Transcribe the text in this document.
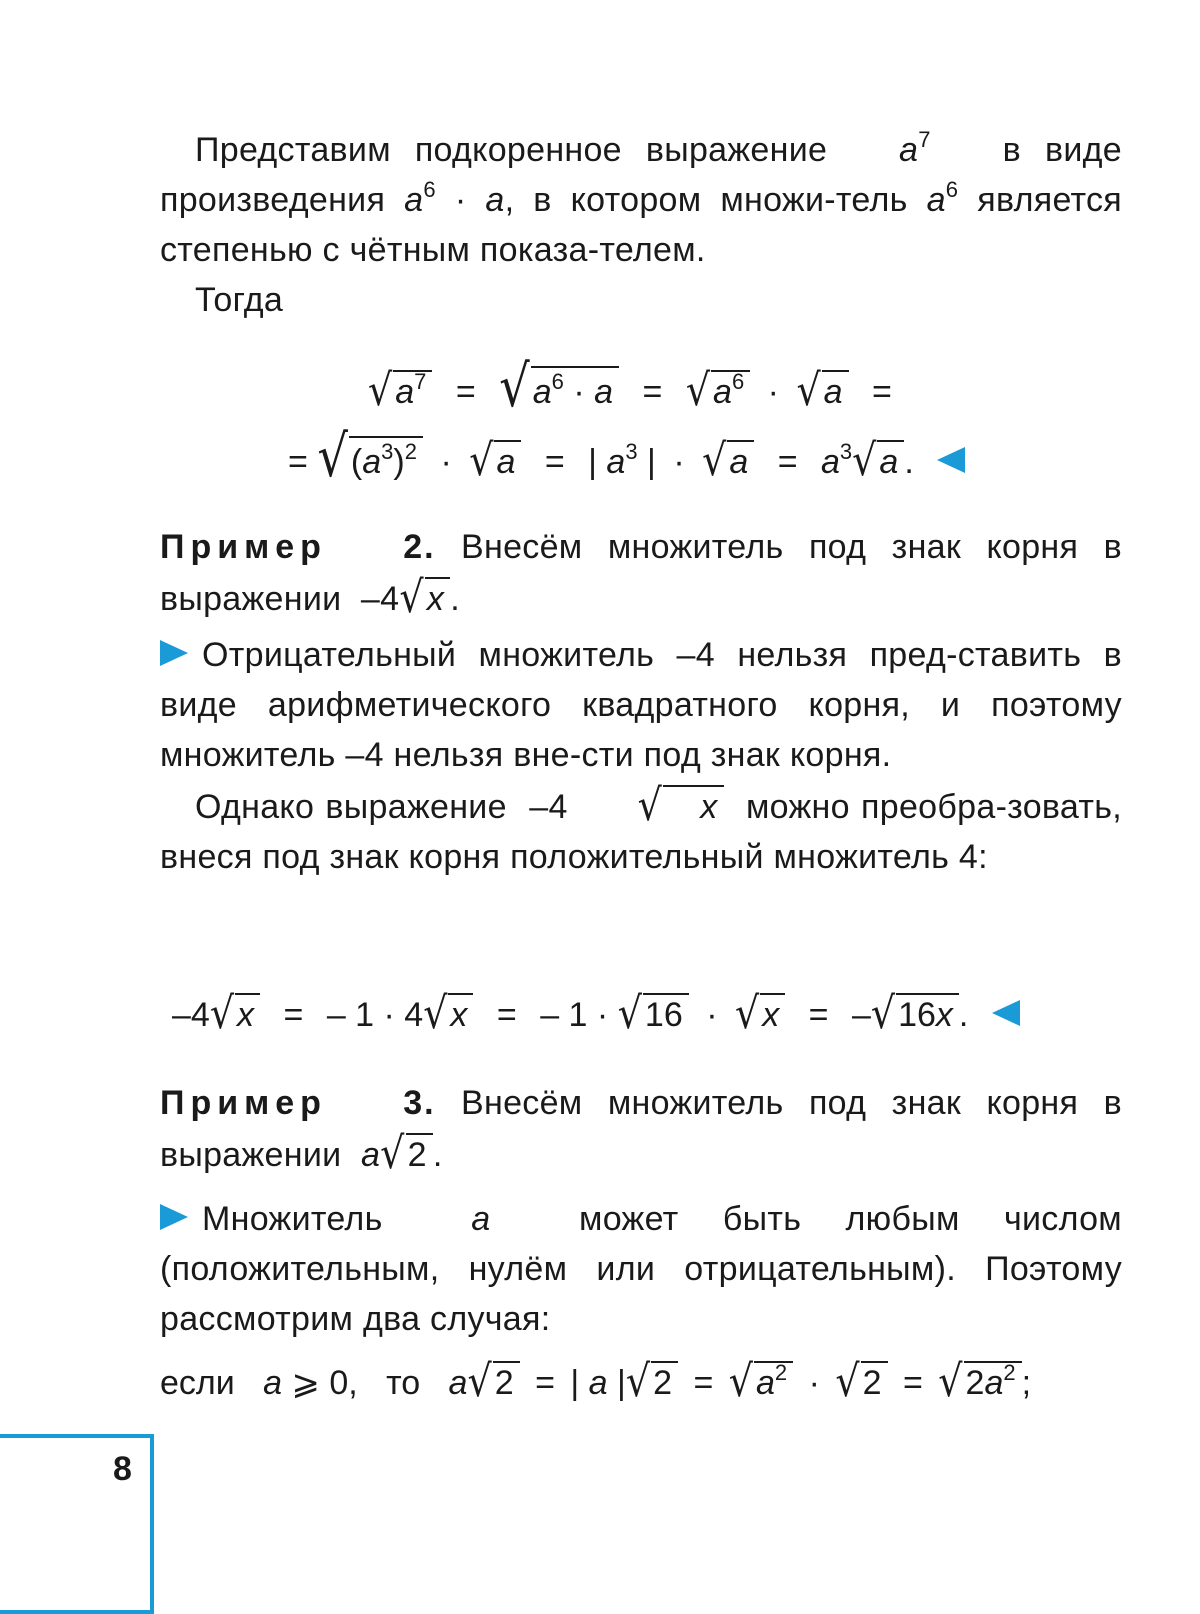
Представим подкоренное выражение $a^7$ в виде произведения $a^6 \cdot a$, в котором множи-тель $a^6$ является степенью с чётным показа-телем.

Тогда

$√a^7 = √a^6 \cdot a = √a^6 \cdot √a$ =
= $√(a^3)^2 \cdot √a$ = | $a^3$ | · $√a = a^3√a$ .

Пример 2. Внесём множитель под знак корня в выражении  –4√x .

Отрицательный множитель –4 нельзя пред-ставить в виде арифметического квадратного корня, и поэтому множитель –4 нельзя вне-сти под знак корня.

Однако выражение  –4 √ x можно преобра-зовать, внеся под знак корня положительный множитель 4:

–4√x = – 1 · 4√x = – 1 · √16 · √x = –√16x .

Пример 3. Внесём множитель под знак корня в выражении a√2 .

Множитель	a	может быть любым числом (положительным, нулём или отрицательным). Поэтому рассмотрим два случая:

если a ⩾ 0,   то a√2 = | a $|√2 = √a^2 \cdot √2 = √2a^2$ ;
8
